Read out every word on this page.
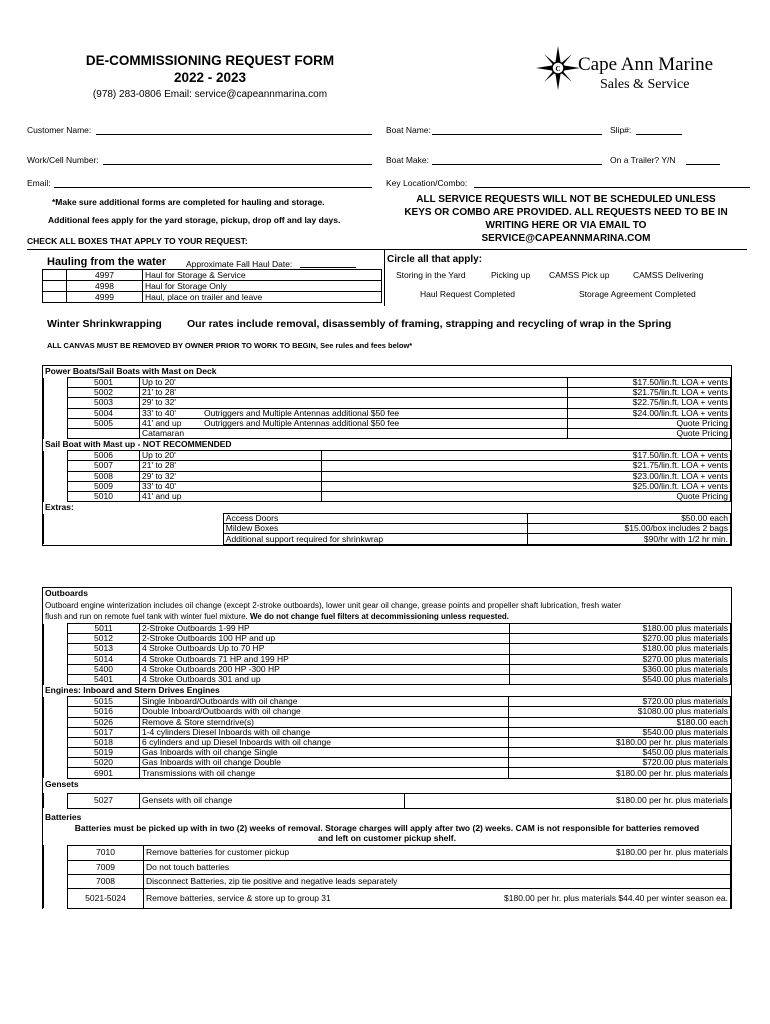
DE-COMMISSIONING REQUEST FORM
2022 - 2023
(978) 283-0806 Email: service@capeannmarina.com
C Cape Ann Marine
Sales & Service
Customer Name:	Boat Name:	Slip#:
Work/Cell Number:	Boat Make:	On a Trailer? Y/N
Email:	Key Location/Combo:
*Make sure additional forms are completed for hauling and storage.
Additional fees apply for the yard storage, pickup, drop off and lay days.
CHECK ALL BOXES THAT APPLY TO YOUR REQUEST:
ALL SERVICE REQUESTS WILL NOT BE SCHEDULED UNLESS
KEYS OR COMBO ARE PROVIDED. ALL REQUESTS NEED TO BE IN
WRITING HERE OR VIA EMAIL TO
SERVICE@CAPEANNMARINA.COM
Hauling from the water Approximate Fall Haul Date:
	4997	Haul for Storage & Service
	4998	Haul for Storage Only
	4999	Haul, place on trailer and leave
Circle all that apply:
Storing in the Yard	Picking up CAMSS Pick up	CAMSS Delivering
Haul Request Completed	Storage Agreement Completed
Winter Shrinkwrapping Our rates include removal, disassembly of framing, strapping and recycling of wrap in the Spring
ALL CANVAS MUST BE REMOVED BY OWNER PRIOR TO WORK TO BEGIN, See rules and fees below*
Power Boats/Sail Boats with Mast on Deck
	5001	Up to 20'	$17.50/lin.ft. LOA + vents
	5002	21' to 28'	$21.75/lin.ft. LOA + vents
	5003	29' to 32'	$22.75/lin.ft. LOA + vents
	5004	33' to 40' Outriggers and Multiple Antennas additional $50 fee	$24.00/lin.ft. LOA + vents
	5005	41' and up Outriggers and Multiple Antennas additional $50 fee	Quote Pricing
		Catamaran	Quote Pricing
Sail Boat with Mast up - NOT RECOMMENDED
	5006	Up to 20'	$17.50/lin.ft. LOA + vents
	5007	21' to 28'	$21.75/lin.ft. LOA + vents
	5008	29' to 32'	$23.00/lin.ft. LOA + vents
	5009	33' to 40'	$25.00/lin.ft. LOA + vents
	5010	41' and up	Quote Pricing
Extras:
	Access Doors	$50.00 each
	Mildew Boxes	$15.00/box includes 2 bags
	Additional support required for shrinkwrap	$90/hr with 1/2 hr min.
Outboards
Outboard engine winterization includes oil change (except 2-stroke outboards), lower unit gear oil change, grease points and propeller shaft lubrication, fresh water
flush and run on remote fuel tank with winter fuel mixture. We do not change fuel filters at decommissioning unless requested.
	5011	2-Stroke Outboards 1-99 HP	$180.00 plus materials
	5012	2-Stroke Outboards 100 HP and up	$270.00 plus materials
	5013	4 Stroke Outboards Up to 70 HP	$180.00 plus materials
	5014	4 Stroke Outboards 71 HP and 199 HP	$270.00 plus materials
	5400	4 Stroke Outboards 200 HP -300 HP	$360.00 plus materials
	5401	4 Stroke Outboards 301 and up	$540.00 plus materials
Engines: Inboard and Stern Drives Engines
	5015	Single Inboard/Outboards with oil change	$720.00 plus materials
	5016	Double Inboard/Outboards with oil change	$1080.00 plus materials
	5026	Remove & Store sterndrive(s)	$180.00 each
	5017	1-4 cylinders Diesel Inboards with oil change	$540.00 plus materials
	5018	6 cylinders and up Diesel Inboards with oil change	$180.00 per hr. plus materials
	5019	Gas Inboards with oil change Single	$450.00 plus materials
	5020	Gas Inboards with oil change Double	$720.00 plus materials
	6901	Transmissions with oil change	$180.00 per hr. plus materials
Gensets
	5027	Gensets with oil change	$180.00 per hr. plus materials
Batteries
Batteries must be picked up with in two (2) weeks of removal. Storage charges will apply after two (2) weeks. CAM is not responsible for batteries removed
and left on customer pickup shelf.
	7010	Remove batteries for customer pickup	$180.00 per hr. plus materials
	7009	Do not touch batteries	
	7008	Disconnect Batteries, zip tie positive and negative leads separately	
	5021-5024	Remove batteries, service & store up to group 31	$180.00 per hr. plus materials $44.40 per winter season ea.
